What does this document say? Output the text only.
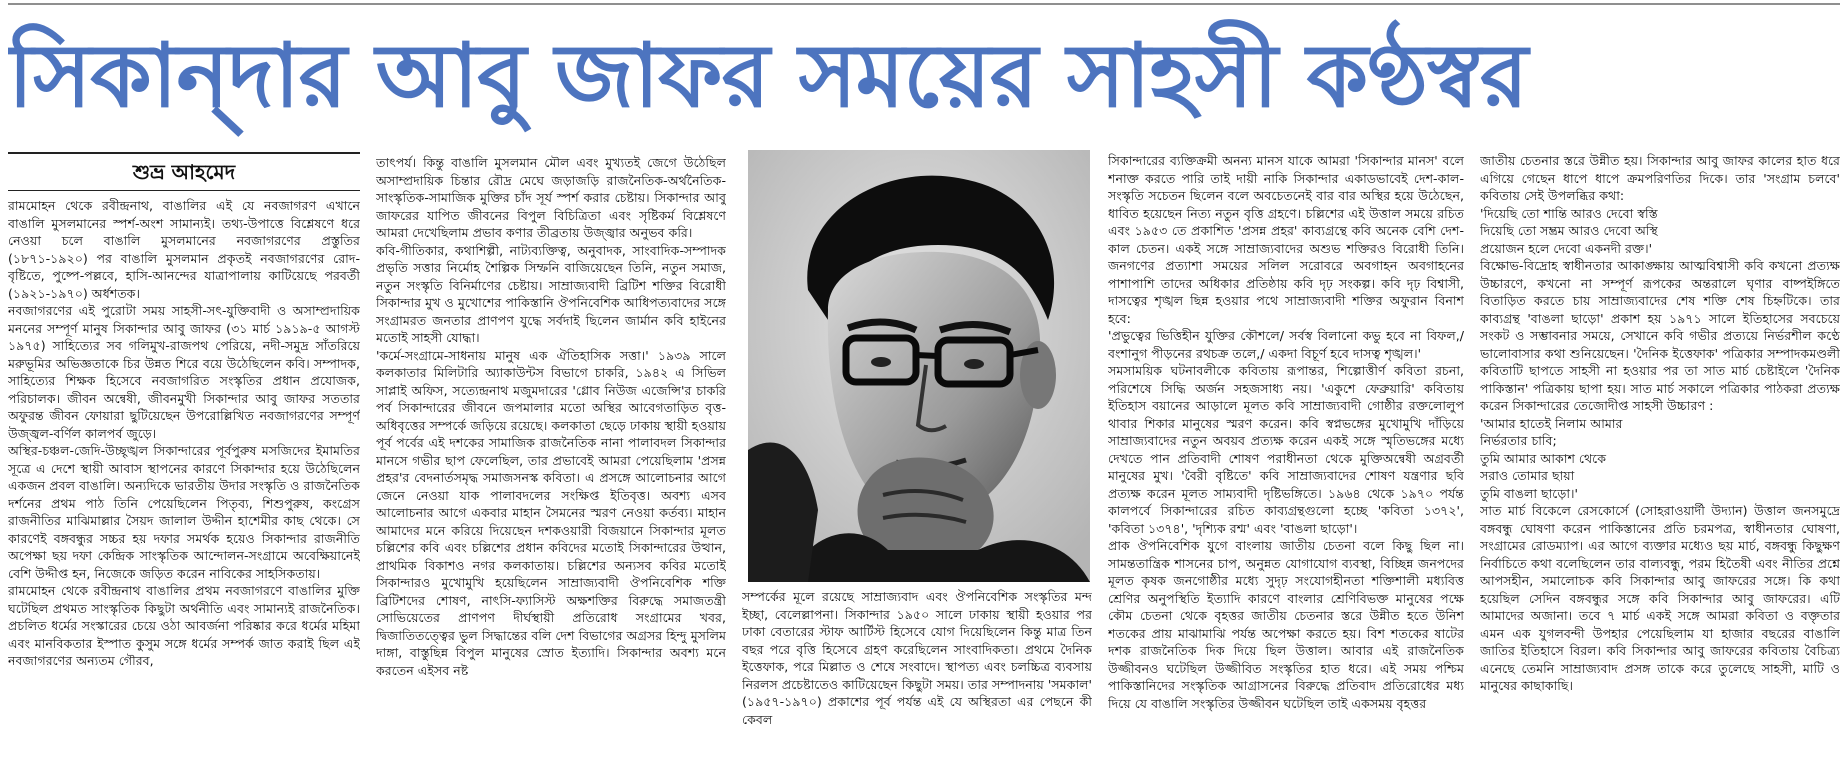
সিকান্‌দার আবু জাফর সময়ের সাহসী কণ্ঠস্বর
শুভ্র আহমেদ

রামমোহন থেকে রবীন্দ্রনাথ, বাঙালির এই যে নবজাগরণ এখানে বাঙালি মুসলমানের স্পর্শ-অংশ সামান্যই। তথ্য-উপাত্তে বিশ্লেষণে ধরে নেওয়া চলে বাঙালি মুসলমানের নবজাগরণের প্রস্তুতির (১৮৭১-১৯২০) পর বাঙালি মুসলমান প্রকৃতই নবজাগরণের রোদ-বৃষ্টিতে, পুষ্পে-পল্লবে, হাসি-আনন্দের যাত্রাপালায় কাটিয়েছে পরবর্তী (১৯২১-১৯৭০) অর্ধশতক।

নবজাগরণের এই পুরোটা সময় সাহসী-সৎ-যুক্তিবাদী ও অসাম্প্রদায়িক মননের সম্পূর্ণ মানুষ সিকান্দার আবু জাফর (৩১ মার্চ ১৯১৯-৫ আগস্ট ১৯৭৫) সাহিত্যের সব গলিমুখ-রাজপথ পেরিয়ে, নদী-সমুদ্র সাঁতরিয়ে মরুভূমির অভিজ্ঞতাকে চির উন্নত শিরে বয়ে উঠেছিলেন কবি। সম্পাদক, সাহিত্যের শিক্ষক হিসেবে নবজাগরিত সংস্কৃতির প্রধান প্রযোজক, পরিচালক। জীবন অন্বেষী, জীবনমুখী সিকান্দার আবু জাফর সততার অফুরন্ত জীবন ফোয়ারা ছুটিয়েছেন উপরোল্লিখিত নবজাগরণের সম্পূর্ণ উজ্জ্বল-বর্ণিল কালপর্ব জুড়ে।

অস্থির-চঞ্চল-জেদি-উচ্ছৃঙ্খল সিকান্দারের পূর্বপুরুষ মসজিদের ইমামতির সূত্রে এ দেশে স্থায়ী আবাস স্থাপনের কারণে সিকান্দার হয়ে উঠেছিলেন একজন প্রবল বাঙালি। অন্যদিকে ভারতীয় উদার সংস্কৃতি ও রাজনৈতিক দর্শনের প্রথম পাঠ তিনি পেয়েছিলেন পিতৃব্য, শিশুপুরুষ, কংগ্রেস রাজনীতির মাঝিমাল্লার সৈয়দ জালাল উদ্দীন হাশেমীর কাছ থেকে। সে কারণেই বঙ্গবন্ধুর সচ্চর হয় দফার সমর্থক হয়েও সিকান্দার রাজনীতি অপেক্ষা ছয় দফা কেন্দ্রিক সাংস্কৃতিক আন্দোলন-সংগ্রামে অবেক্ষিয়ানেই বেশি উদ্দীপ্ত হন, নিজেকে জড়িত করেন নাবিকের সাহসিকতায়।

রামমোহন থেকে রবীন্দ্রনাথ বাঙালির প্রথম নবজাগরণে বাঙালির মুক্তি ঘটেছিল প্রথমত সাংস্কৃতিক কিছুটা অর্থনীতি এবং সামান্যই রাজনৈতিক। প্রচলিত ধর্মের সংস্কারের চেয়ে ওঠা আবর্জনা পরিষ্কার করে ধর্মের মহিমা এবং মানবিকতার ইস্পাত কুসুম সঙ্গে ধর্মের সম্পর্ক জাত করাই ছিল এই নবজাগরণের অন্যতম গৌরব,

তাৎপর্য। কিন্তু বাঙালি মুসলমান মৌল এবং মুখ্যতই জেগে উঠেছিল অসাম্প্রদায়িক চিন্তার রৌদ্র মেঘে জড়াজড়ি রাজনৈতিক-অর্থনৈতিক-সাংস্কৃতিক-সামাজিক মুক্তির চাঁদ সূর্য স্পর্শ করার চেষ্টায়। সিকান্দার আবু জাফরের যাপিত জীবনের বিপুল বিচিত্রিতা এবং সৃষ্টিকর্ম বিশ্লেষণে আমরা দেখেছিলাম প্রভাব কণার তীব্রতায় উজ্জ্বার অনুভব করি।

কবি-গীতিকার, কথাশিল্পী, নাট্যব্যক্তিত্ব, অনুবাদক, সাংবাদিক-সম্পাদক প্রভৃতি সত্তার নির্মোহ শৈল্পিক সিম্ফনি বাজিয়েছেন তিনি, নতুন সমাজ, নতুন সংস্কৃতি বিনির্মাণের চেষ্টায়। সাম্রাজ্যবাদী ব্রিটিশ শক্তির বিরোধী সিকান্দার মুখ ও মুখোশের পাকিস্তানি ঔপনিবেশিক আধিপত্যবাদের সঙ্গে সংগ্রামরত জনতার প্রাণপণ যুদ্ধে সর্বদাই ছিলেন জার্মান কবি হাইনের মতোই সাহসী যোদ্ধা।

'কর্মে-সংগ্রামে-সাধনায় মানুষ এক ঐতিহাসিক সত্তা।' ১৯৩৯ সালে কলকাতার মিলিটারি অ্যাকাউন্টস বিভাগে চাকরি, ১৯৪২ এ সিভিল সাপ্লাই অফিস, সত্যেন্দ্রনাথ মজুমদারের 'গ্লোব নিউজ এজেন্সি'র চাকরি পর্ব সিকান্দারের জীবনে জপমালার মতো অস্থির আবেগতাড়িত বৃত্ত-অধিবৃত্তের সম্পর্কে জড়িয়ে রয়েছে। কলকাতা ছেড়ে ঢাকায় স্থায়ী হওয়ায় পূর্ব পর্বের এই দশকের সামাজিক রাজনৈতিক নানা পালাবদল সিকান্দার মানসে গভীর ছাপ ফেলেছিল, তার প্রভাবেই আমরা পেয়েছিলাম 'প্রসন্ন প্রহর'র বেদনার্তসমৃদ্ধ সমাজসনস্ক কবিতা। এ প্রসঙ্গে আলোচনার আগে জেনে নেওয়া যাক পালাবদলের সংক্ষিপ্ত ইতিবৃত্ত। অবশ্য এসব আলোচনার আগে একবার মাহান সৈমনের স্মরণ নেওয়া কর্তব্য। মাহান আমাদের মনে করিয়ে দিয়েছেন দশকওয়ারী বিজয়ানে সিকান্দার মূলত চল্লিশের কবি এবং চল্লিশের প্রধান কবিদের মতোই সিকান্দারের উত্থান, প্রাথমিক বিকাশও নগর কলকাতায়। চল্লিশের অন্যসব কবির মতোই সিকান্দারও মুখোমুখি হয়েছিলেন সাম্রাজ্যবাদী ঔপনিবেশিক শক্তি ব্রিটিশদের শোষণ, নাৎসি-ফ্যাসিস্ট অক্ষশক্তির বিরুদ্ধে সমাজতন্ত্রী সোভিয়েতের প্রাণপণ দীর্ঘস্থায়ী প্রতিরোধ সংগ্রামের খবর, দ্বিজাতিতত্ত্বের ভুল সিদ্ধান্তের বলি দেশ বিভাগের অগ্রসর হিন্দু মুসলিম দাঙ্গা, বাস্তুছিন্ন বিপুল মানুষের স্রোত ইত্যাদি। সিকান্দার অবশ্য মনে করতেন এইসব নষ্ট

সম্পর্কের মূলে রয়েছে সাম্রাজ্যবাদ এবং ঔপনিবেশিক সংস্কৃতির মন্দ ইচ্ছা, বেলেল্লাপনা। সিকান্দার ১৯৫০ সালে ঢাকায় স্থায়ী হওয়ার পর ঢাকা বেতারের স্টাফ আর্টিস্ট হিসেবে যোগ দিয়েছিলেন কিন্তু মাত্র তিন বছর পরে বৃত্তি হিসেবে গ্রহণ করেছিলেন সাংবাদিকতা। প্রথমে দৈনিক ইত্তেফাক, পরে মিল্লাত ও শেষে সংবাদে। স্থাপত্য এবং চলচ্চিত্র ব্যবসায় নিরলস প্রচেষ্টাতেও কাটিয়েছেন কিছুটা সময়। তার সম্পাদনায় 'সমকাল' (১৯৫৭-১৯৭০) প্রকাশের পূর্ব পর্যন্ত এই যে অস্থিরতা এর পেছনে কী কেবল

সিকান্দারের ব্যক্তিক্রমী অনন্য মানস যাকে আমরা 'সিকান্দার মানস' বলে শনাক্ত করতে পারি তাই দায়ী নাকি সিকান্দার একাডভাবেই দেশ-কাল-সংস্কৃতি সচেতন ছিলেন বলে অবচেতনেই বার বার অস্থির হয়ে উঠেছেন, ধাবিত হয়েছেন নিত্য নতুন বৃত্তি গ্রহণে। চল্লিশের এই উত্তাল সময়ে রচিত এবং ১৯৫৩ তে প্রকাশিত 'প্রসন্ন প্রহর' কাব্যগ্রন্থে কবি অনেক বেশি দেশ-কাল চেতন। একই সঙ্গে সাম্রাজ্যবাদের অশুভ শক্তিরও বিরোধী তিনি। জনগণের প্রত্যাশা সময়ের সলিল সরোবরে অবগাহন অবগাহনের পাশাপাশি তাদের অধিকার প্রতিষ্ঠায় কবি দৃঢ় সংকল্প। কবি দৃঢ় বিশ্বাসী, দাসত্বের শৃঙ্খল ছিন্ন হওয়ার পথে সাম্রাজ্যবাদী শক্তির অফুরান বিনাশ হবে:

'প্রভুত্বের ভিত্তিহীন যুক্তির কৌশলে/ সর্বস্ব বিলানো কভু হবে না বিফল,/ বংশানুগ পীড়নের রথচক্র তলে,/ একদা বিচূর্ণ হবে দাসত্ব শৃঙ্খল।'

সমসাময়িক ঘটনাবলীকে কবিতায় রূপান্তর, শিল্পোত্তীর্ণ কবিতা রচনা, পরিশেষে সিদ্ধি অর্জন সহজসাধ্য নয়। 'একুশে ফেব্রুয়ারি' কবিতায় ইতিহাস বয়ানের আড়ালে মূলত কবি সাম্রাজ্যবাদী গোষ্ঠীর রক্তলোলুপ থাবার শিকার মানুষের স্মরণ করেন। কবি স্বপ্নভঙ্গের মুখোমুখি দাঁড়িয়ে সাম্রাজ্যবাদের নতুন অবয়ব প্রত্যক্ষ করেন একই সঙ্গে স্মৃতিভঙ্গের মধ্যে দেখতে পান প্রতিবাদী শোষণ পরাধীনতা থেকে মুক্তিঅন্বেষী অগ্রবর্তী মানুষের মুখ। 'বৈরী বৃষ্টিতে' কবি সাম্রাজ্যবাদের শোষণ যন্ত্রণার ছবি প্রত্যক্ষ করেন মূলত সাম্যবাদী দৃষ্টিভঙ্গিতে। ১৯৬৪ থেকে ১৯৭০ পর্যন্ত কালপর্বে সিকান্দারের রচিত কাব্যগ্রন্থগুলো হচ্ছে 'কবিতা ১৩৭২', 'কবিতা ১৩৭৪', 'দৃশ্যিক রশ্ম' এবং 'বাঙলা ছাড়ো'।

প্রাক ঔপনিবেশিক যুগে বাংলায় জাতীয় চেতনা বলে কিছু ছিল না। সামন্ততান্ত্রিক শাসনের চাপ, অনুন্নত যোগাযোগ ব্যবস্থা, বিচ্ছিন্ন জনপদের মূলত কৃষক জনগোষ্ঠীর মধ্যে সুদৃঢ় সংযোগহীনতা শক্তিশালী মধ্যবিত্ত শ্রেণির অনুপস্থিতি ইত্যাদি কারণে বাংলার শ্রেণিবিভক্ত মানুষের পক্ষে কৌম চেতনা থেকে বৃহত্তর জাতীয় চেতনার স্তরে উন্নীত হতে উনিশ শতকের প্রায় মাঝামাঝি পর্যন্ত অপেক্ষা করতে হয়। বিশ শতকের ষাটের দশক রাজনৈতিক দিক দিয়ে ছিল উত্তাল। আবার এই রাজনৈতিক উজ্জীবনও ঘটেছিল উজ্জীবিত সংস্কৃতির হাত ধরে। এই সময় পশ্চিম পাকিস্তানিদের সংস্কৃতিক আগ্রাসনের বিরুদ্ধে প্রতিবাদ প্রতিরোধের মধ্য দিয়ে যে বাঙালি সংস্কৃতির উজ্জীবন ঘটেছিল তাই একসময় বৃহত্তর

জাতীয় চেতনার স্তরে উন্নীত হয়। সিকান্দার আবু জাফর কালের হাত ধরে এগিয়ে গেছেন ধাপে ধাপে ক্রমপরিণতির দিকে। তার 'সংগ্রাম চলবে' কবিতায় সেই উপলব্ধির কথা:

'দিয়েছি তো শান্তি আরও দেবো স্বস্তি
দিয়েছি তো সম্ভ্রম আরও দেবো অস্থি
প্রয়োজন হলে দেবো একনদী রক্ত।'

বিক্ষোভ-বিদ্রোহ স্বাধীনতার আকাঙ্ক্ষায় আত্মবিশ্বাসী কবি কখনো প্রত্যক্ষ উচ্চারণে, কখনো না সম্পূর্ণ রূপকের অন্তরালে ঘৃণার বাষ্পইঙ্গিতে বিতাড়িত করতে চায় সাম্রাজ্যবাদের শেষ শক্তি শেষ চিহ্নটিকে। তার কাব্যগ্রন্থ 'বাঙলা ছাড়ো' প্রকাশ হয় ১৯৭১ সালে ইতিহাসের সবচেয়ে সংকট ও সম্ভাবনার সময়ে, সেখানে কবি গভীর প্রত্যয়ে নির্ভরশীল কণ্ঠে ভালোবাসার কথা শুনিয়েছেন। 'দৈনিক ইত্তেফাক' পত্রিকার সম্পাদকমণ্ডলী কবিতাটি ছাপতে সাহসী না হওয়ার পর তা সাত মার্চ চেষ্টাইলে 'দৈনিক পাকিস্তান' পত্রিকায় ছাপা হয়। সাত মার্চ সকালে পত্রিকার পাঠকরা প্রত্যক্ষ করেন সিকান্দারের তেজোদীপ্ত সাহসী উচ্চারণ :

'আমার হাতেই নিলাম আমার
নির্ভরতার চাবি;
তুমি আমার আকাশ থেকে
সরাও তোমার ছায়া
তুমি বাঙলা ছাড়ো।'

সাত মার্চ বিকেলে রেসকোর্সে (সোহরাওয়ার্দী উদ্যান) উত্তাল জনসমুদ্রে বঙ্গবন্ধু ঘোষণা করেন পাকিস্তানের প্রতি চরমপত্র, স্বাধীনতার ঘোষণা, সংগ্রামের রোডম্যাপ। এর আগে ব্যক্তার মধ্যেও ছয় মার্চ, বঙ্গবন্ধু কিছুক্ষণ নির্বাচিতে কথা বলেছিলেন তার বাল্যবন্ধু, পরম হিতৈষী এবং নীতির প্রশ্নে আপসহীন, সমালোচক কবি সিকান্দার আবু জাফরের সঙ্গে। কি কথা হয়েছিল সেদিন বঙ্গবন্ধুর সঙ্গে কবি সিকান্দার আবু জাফরের। এটি আমাদের অজানা। তবে ৭ মার্চ একই সঙ্গে আমরা কবিতা ও বক্তৃতার এমন এক যুগলবন্দী উপহার পেয়েছিলাম যা হাজার বছরের বাঙালি জাতির ইতিহাসে বিরল। কবি সিকান্দার আবু জাফরের কবিতায় বৈচিত্র্য এনেছে তেমনি সাম্রাজ্যবাদ প্রসঙ্গ তাকে করে তুলেছে সাহসী, মাটি ও মানুষের কাছাকাছি।
